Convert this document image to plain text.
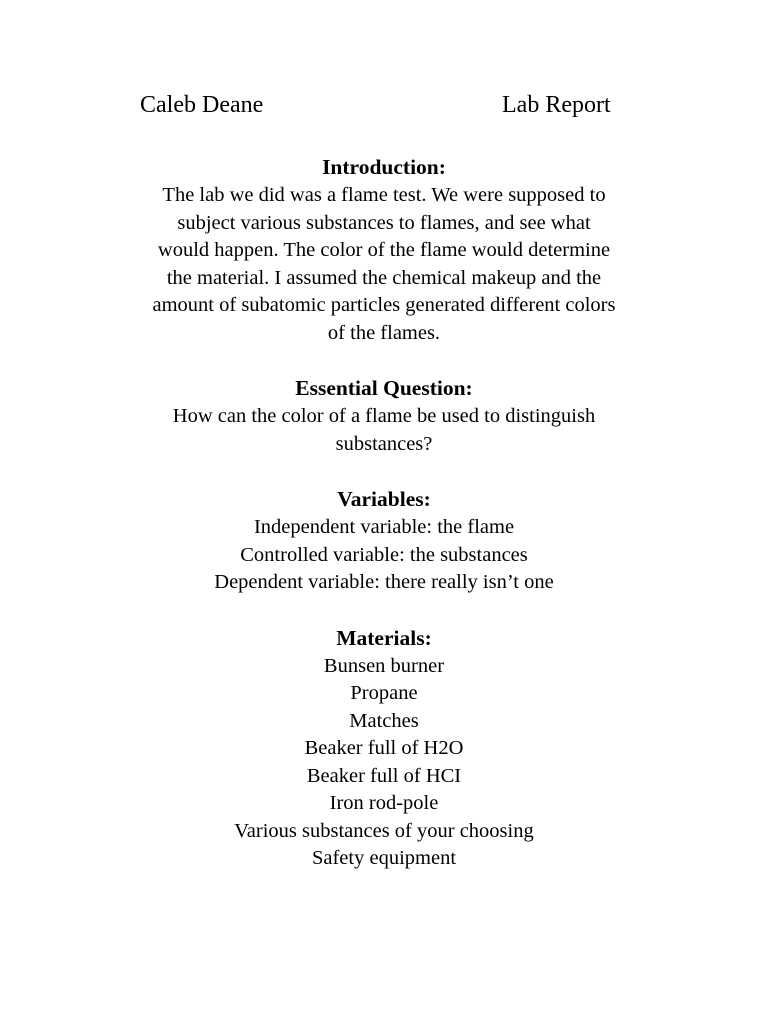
Caleb Deane	Lab Report
Introduction:

The lab we did was a flame test. We were supposed to
subject various substances to flames, and see what
would happen. The color of the flame would determine
the material. I assumed the chemical makeup and the
amount of subatomic particles generated different colors
of the flames.

Essential Question:

How can the color of a flame be used to distinguish
substances?

Variables:
Independent variable: the flame
Controlled variable: the substances
Dependent variable: there really isn’t one
Materials:
Bunsen burner
Propane
Matches
Beaker full of H2O
Beaker full of HCI
Iron rod-pole
Various substances of your choosing
Safety equipment
